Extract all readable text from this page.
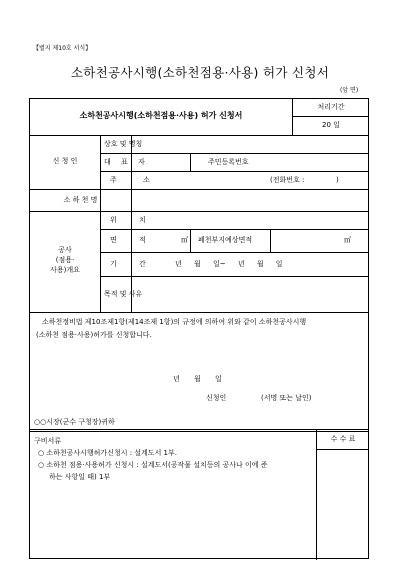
【별지 제10호 서식】
소하천공사시행(소하천점용·사용) 허가 신청서
(앞 면)
소하천공사시행(소하천점용·사용) 허가 신청서
처리기간
20 일
신 청 인
상호 및 명칭
대 표 자	주민등록번호
주 소	(전화번호 :	)
소 하 천 명
공사
(점용·
사용)개요
위 치
면 적	㎡ 폐천부지예상면적	㎡
기 간	년 월 일~ 년 월 일
목적 및 사유
소하천정비법 제10조제1항(제14조제 1항)의 규정에 의하여 위와 같이 소하천공사시행
(소하천 점용·사용)허가를 신청합니다.
년 월 일
신청인	(서명 또는 날인)
○○시장(군수 구청장)귀하
구비서류
○ 소하천공사시행허가신청시 : 설계도서 1부.
○ 소하천 점용·사용허가 신청시 : 설계도서(공작물 설치등의 공사나 이에 준
하는 사항일 때) 1부
수 수 료
